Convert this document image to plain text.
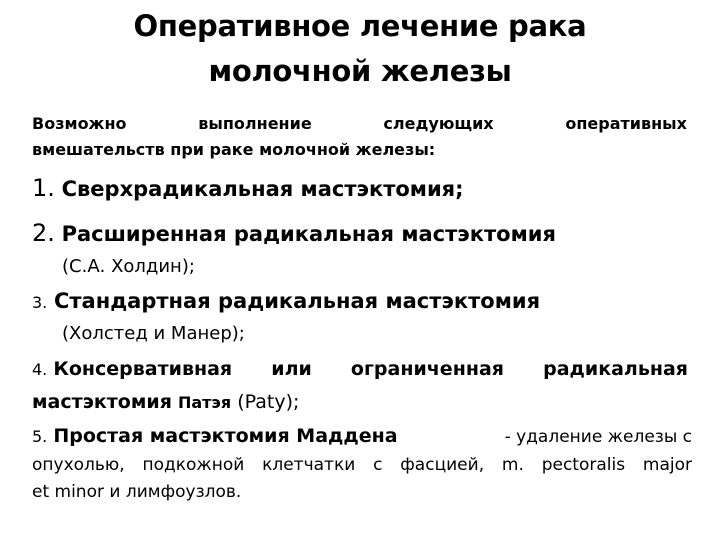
Оперативное лечение рака
молочной железы
Возможно	выполнение	следующих	оперативных
вмешательств при раке молочной железы:
1. Сверхрадикальная мастэктомия;
2. Расширенная радикальная мастэктомия
(С.А. Холдин);
3. Стандартная радикальная мастэктомия
(Холстед и Манер);
4. Консервативная или ограниченная радикальная
мастэктомия Патэя (Paty);
5. Простая мастэктомия Маддена	- удаление железы с
опухолью, подкожной клетчатки с фасцией, m. pectoralis major
et minor и лимфоузлов.
